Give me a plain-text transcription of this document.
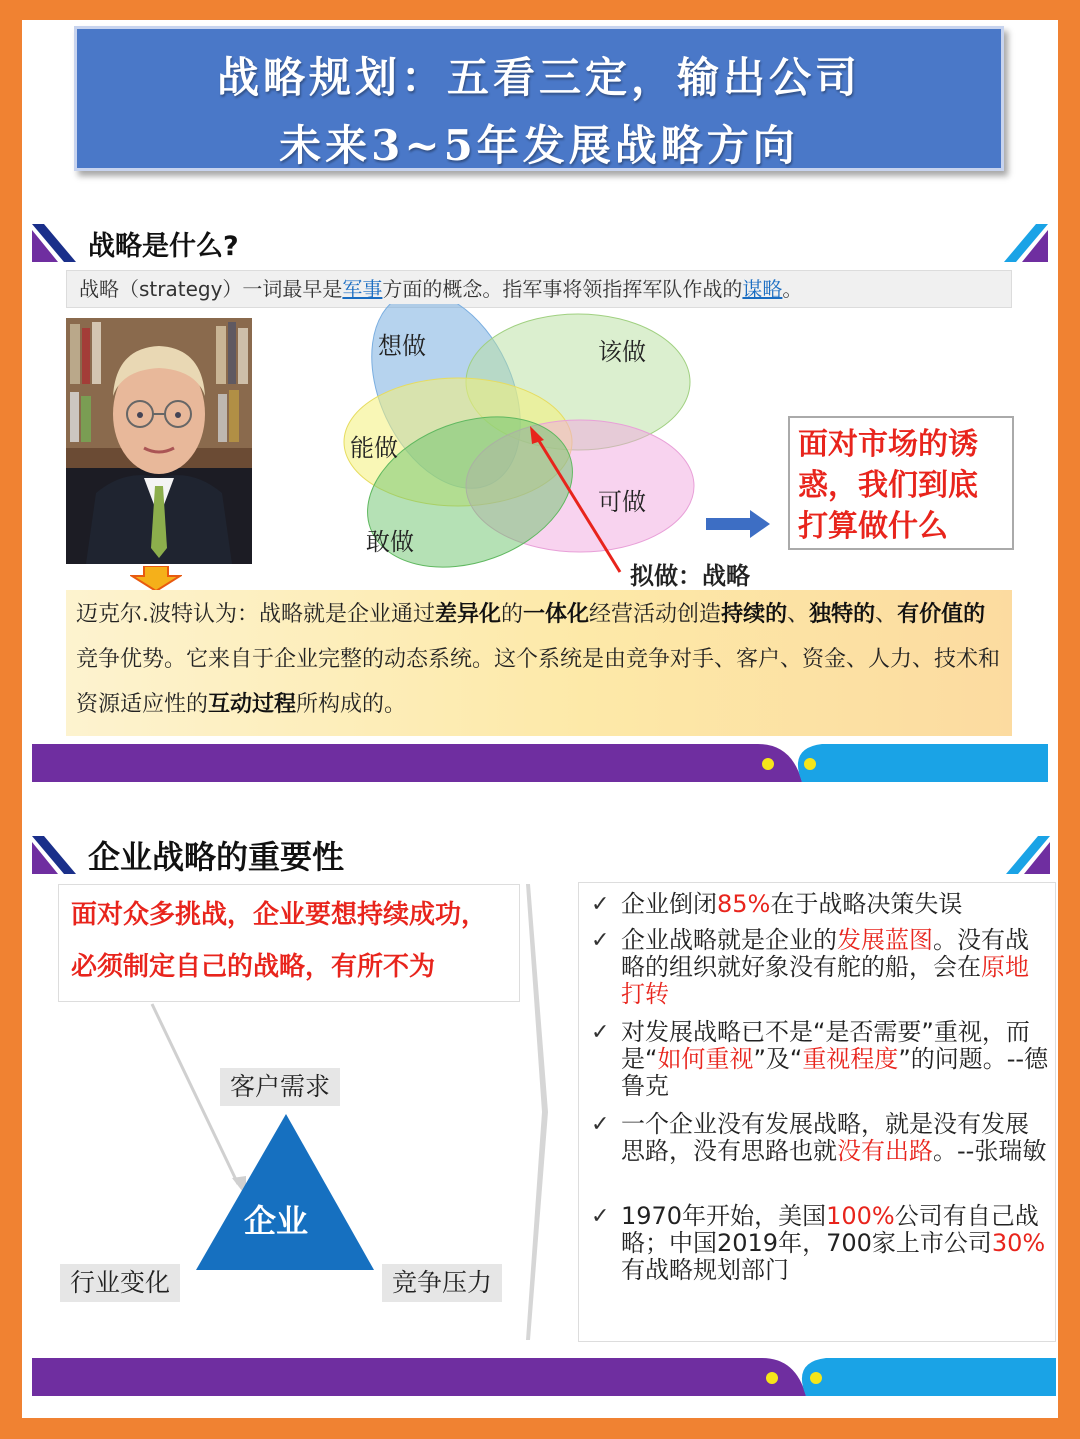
战略规划：五看三定，输出公司
未来3~5年发展战略方向
战略是什么?
战略（strategy）一词最早是军事方面的概念。指军事将领指挥军队作战的谋略。
想做	该做
能做
可做
敢做
拟做：战略
面对市场的诱惑，我们到底打算做什么
迈克尔.波特认为：战略就是企业通过差异化的一体化经营活动创造持续的、独特的、有价值的竞争优势。它来自于企业完整的动态系统。这个系统是由竞争对手、客户、资金、人力、技术和资源适应性的互动过程所构成的。
企业战略的重要性
面对众多挑战，企业要想持续成功，
必须制定自己的战略，有所不为
企业
客户需求
行业变化	竞争压力
✓ 企业倒闭85%在于战略决策失误
✓ 企业战略就是企业的发展蓝图。没有战略的组织就好象没有舵的船，会在原地打转
✓ 对发展战略已不是“是否需要”重视，而是“如何重视”及“重视程度”的问题。--德鲁克
✓ 一个企业没有发展战略，就是没有发展思路，没有思路也就没有出路。--张瑞敏
✓ 1970年开始，美国100%公司有自己战略；中国2019年，700家上市公司30%有战略规划部门
